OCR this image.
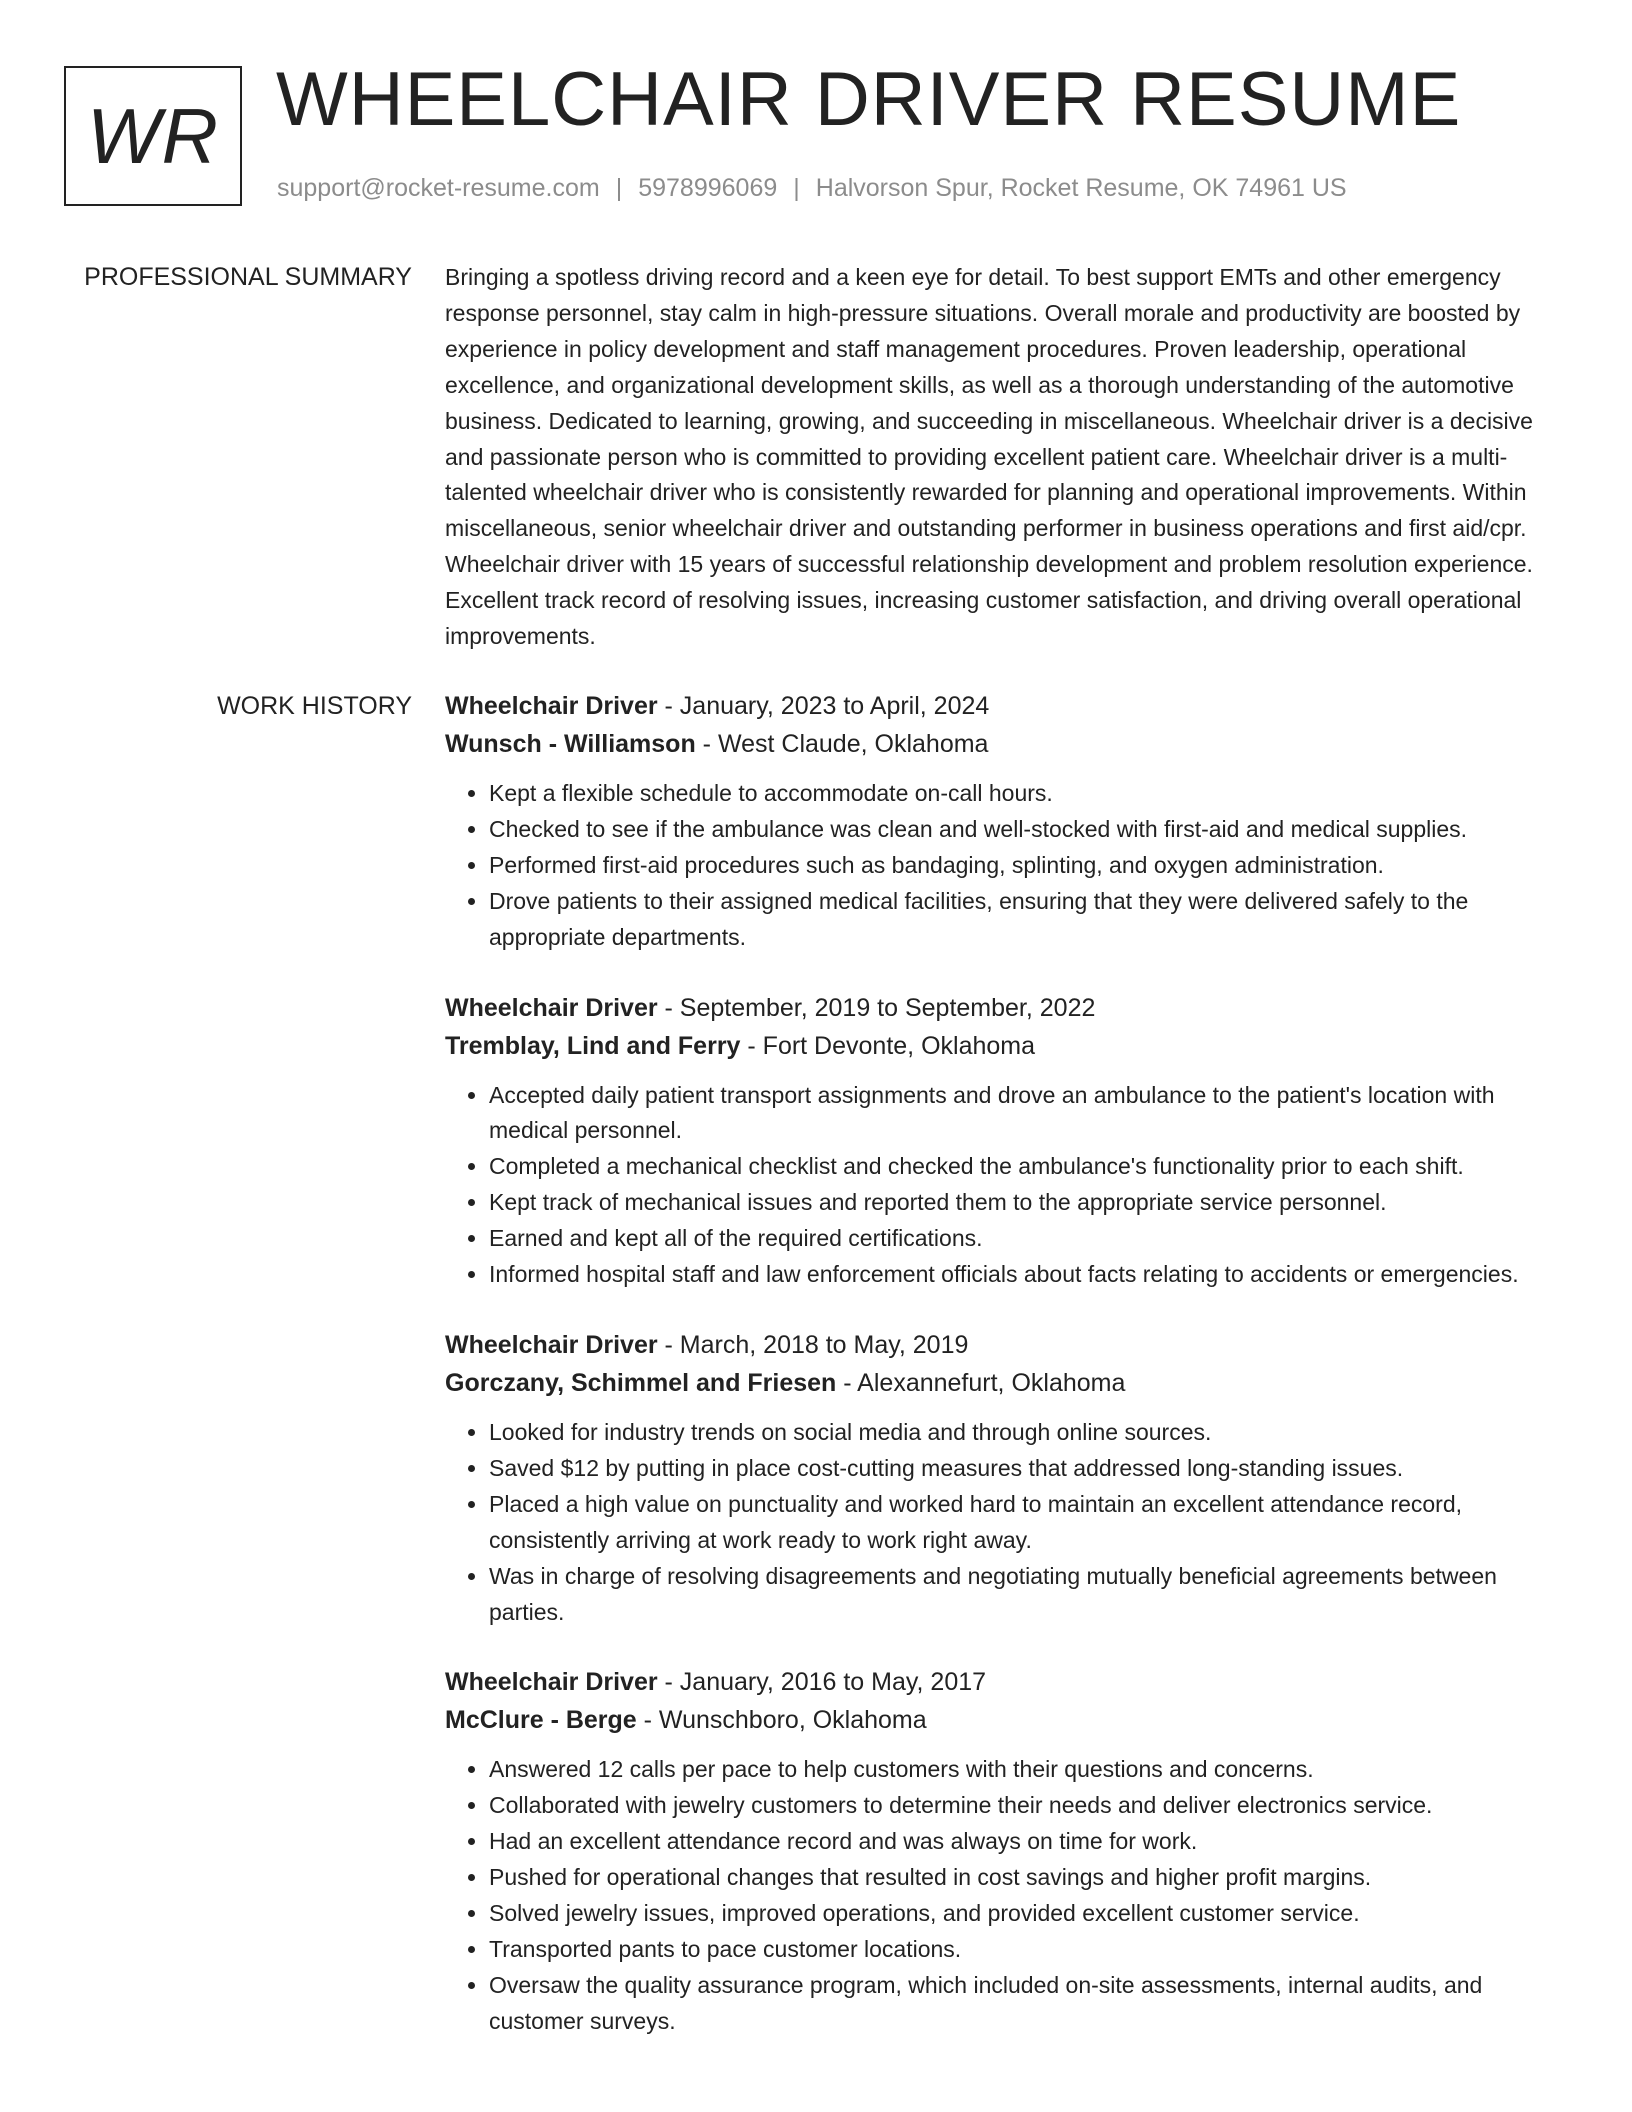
WR WHEELCHAIR DRIVER RESUME
support@rocket-resume.com | 5978996069 | Halvorson Spur, Rocket Resume, OK 74961 US
PROFESSIONAL SUMMARY Bringing a spotless driving record and a keen eye for detail. To best support EMTs and other emergency response personnel, stay calm in high-pressure situations. Overall morale and productivity are boosted by experience in policy development and staff management procedures. Proven leadership, operational excellence, and organizational development skills, as well as a thorough understanding of the automotive business. Dedicated to learning, growing, and succeeding in miscellaneous. Wheelchair driver is a decisive and passionate person who is committed to providing excellent patient care. Wheelchair driver is a multi-talented wheelchair driver who is consistently rewarded for planning and operational improvements. Within miscellaneous, senior wheelchair driver and outstanding performer in business operations and first aid/cpr. Wheelchair driver with 15 years of successful relationship development and problem resolution experience. Excellent track record of resolving issues, increasing customer satisfaction, and driving overall operational improvements.

WORK HISTORY Wheelchair Driver - January, 2023 to April, 2024
Wunsch - Williamson - West Claude, Oklahoma
• Kept a flexible schedule to accommodate on-call hours.
• Checked to see if the ambulance was clean and well-stocked with first-aid and medical supplies.
• Performed first-aid procedures such as bandaging, splinting, and oxygen administration.
• Drove patients to their assigned medical facilities, ensuring that they were delivered safely to the appropriate departments.
Wheelchair Driver - September, 2019 to September, 2022
Tremblay, Lind and Ferry - Fort Devonte, Oklahoma
• Accepted daily patient transport assignments and drove an ambulance to the patient's location with medical personnel.
• Completed a mechanical checklist and checked the ambulance's functionality prior to each shift.
• Kept track of mechanical issues and reported them to the appropriate service personnel.
• Earned and kept all of the required certifications.
• Informed hospital staff and law enforcement officials about facts relating to accidents or emergencies.
Wheelchair Driver - March, 2018 to May, 2019
Gorczany, Schimmel and Friesen - Alexannefurt, Oklahoma
• Looked for industry trends on social media and through online sources.
• Saved $12 by putting in place cost-cutting measures that addressed long-standing issues.
• Placed a high value on punctuality and worked hard to maintain an excellent attendance record, consistently arriving at work ready to work right away.
• Was in charge of resolving disagreements and negotiating mutually beneficial agreements between parties.
Wheelchair Driver - January, 2016 to May, 2017
McClure - Berge - Wunschboro, Oklahoma
• Answered 12 calls per pace to help customers with their questions and concerns.
• Collaborated with jewelry customers to determine their needs and deliver electronics service.
• Had an excellent attendance record and was always on time for work.
• Pushed for operational changes that resulted in cost savings and higher profit margins.
• Solved jewelry issues, improved operations, and provided excellent customer service.
• Transported pants to pace customer locations.
• Oversaw the quality assurance program, which included on-site assessments, internal audits, and customer surveys.
